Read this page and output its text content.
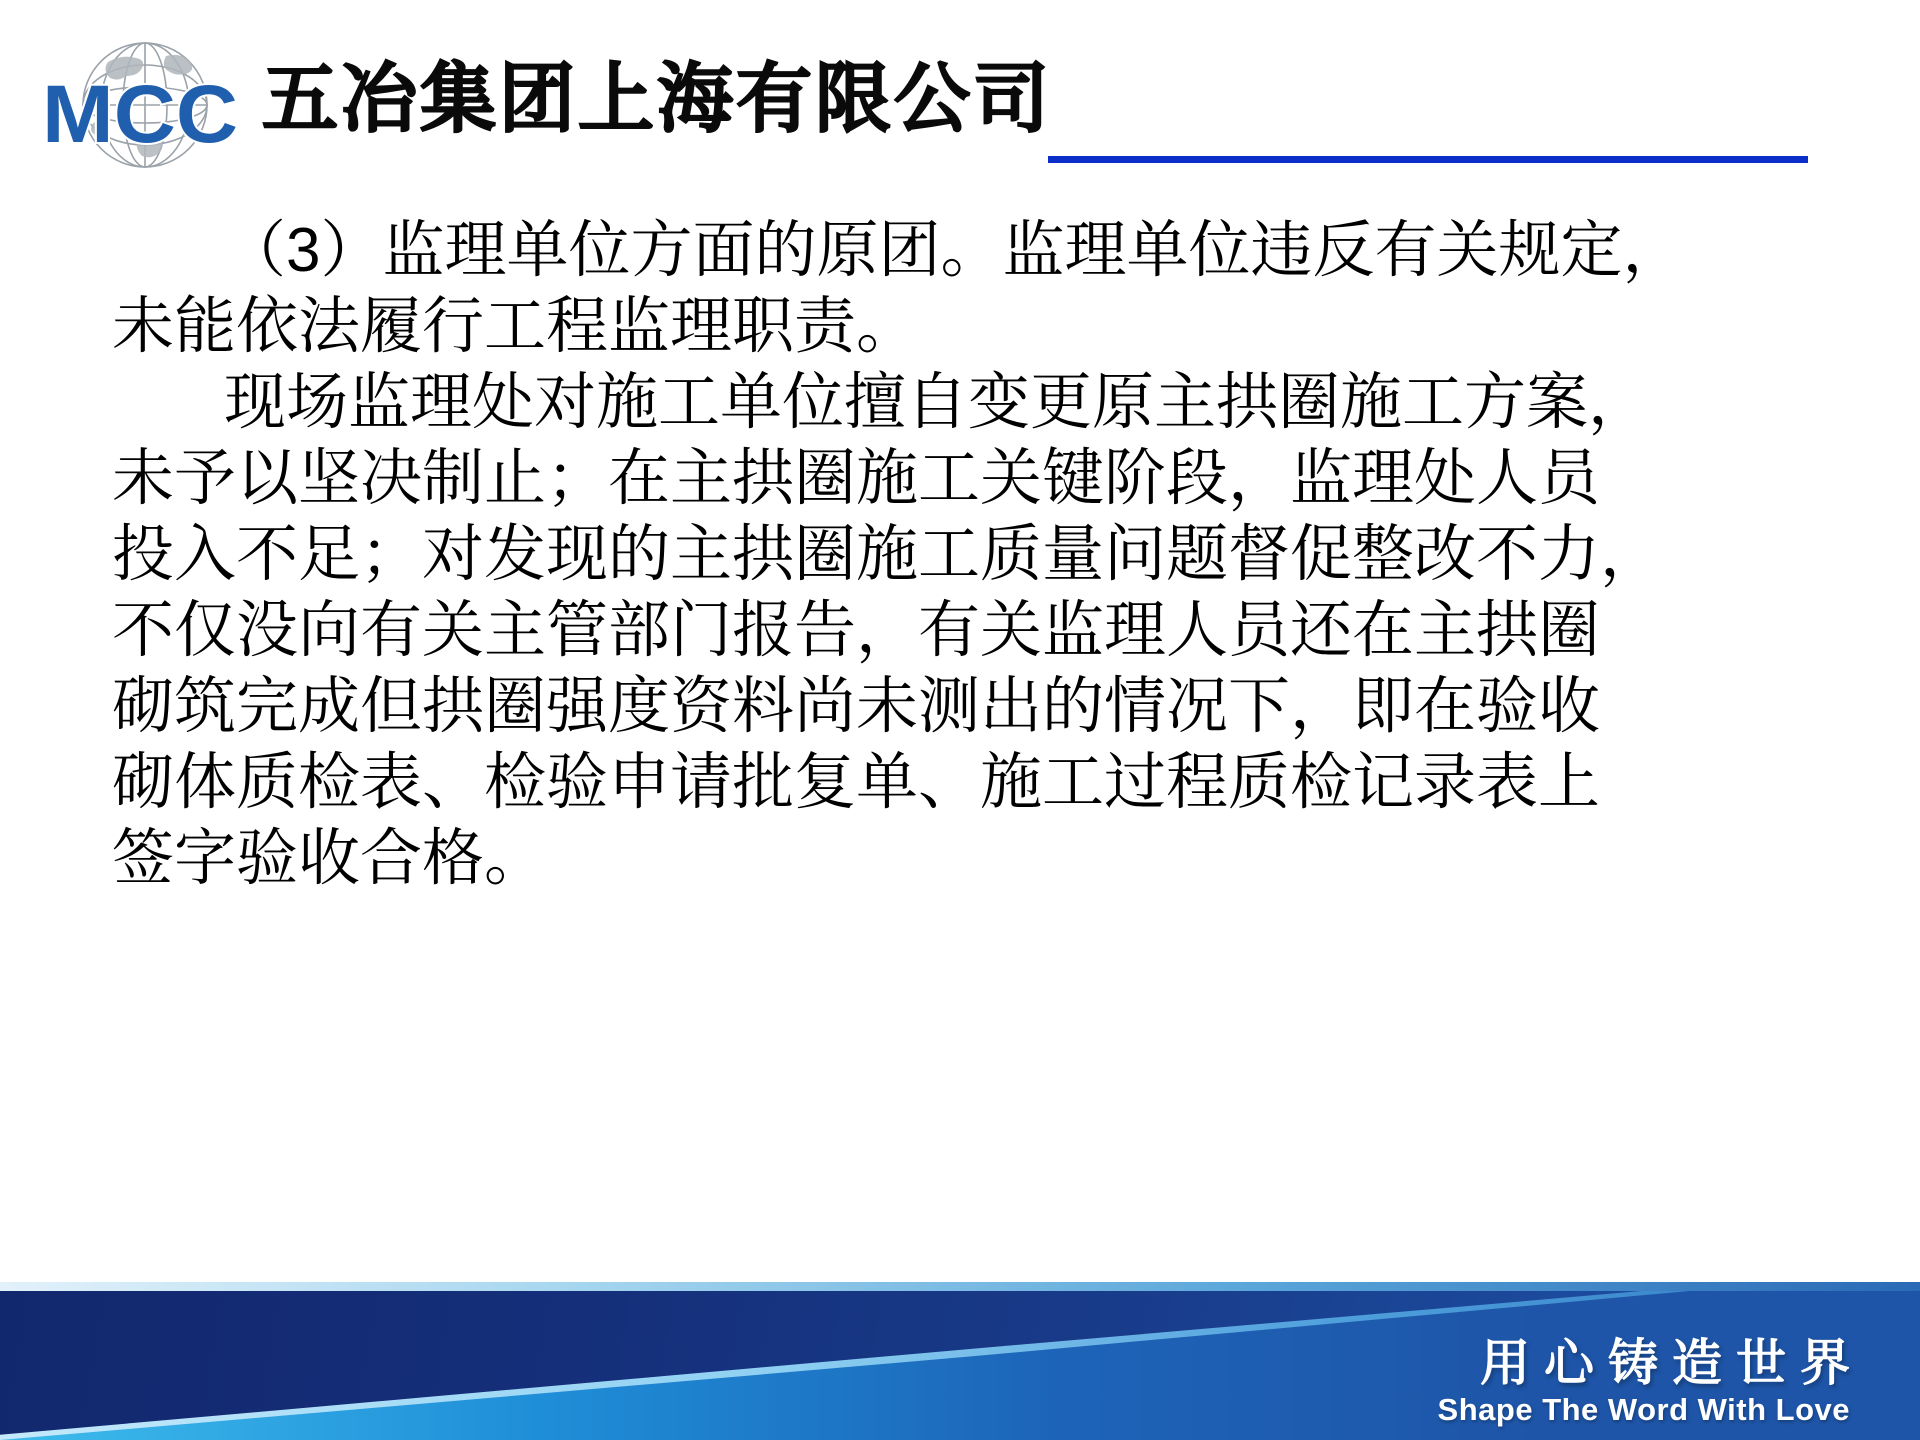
MCC 五冶集团上海有限公司
（3）监理单位方面的原团。监理单位违反有关规定，
未能依法履行工程监理职责。
现场监理处对施工单位擅自变更原主拱圈施工方案，
未予以坚决制止；在主拱圈施工关键阶段，监理处人员
投入不足；对发现的主拱圈施工质量问题督促整改不力，
不仅没向有关主管部门报告，有关监理人员还在主拱圈
砌筑完成但拱圈强度资料尚未测出的情况下，即在验收
砌体质检表、检验申请批复单、施工过程质检记录表上
签字验收合格。
用心铸造世界
Shape The Word With Love
